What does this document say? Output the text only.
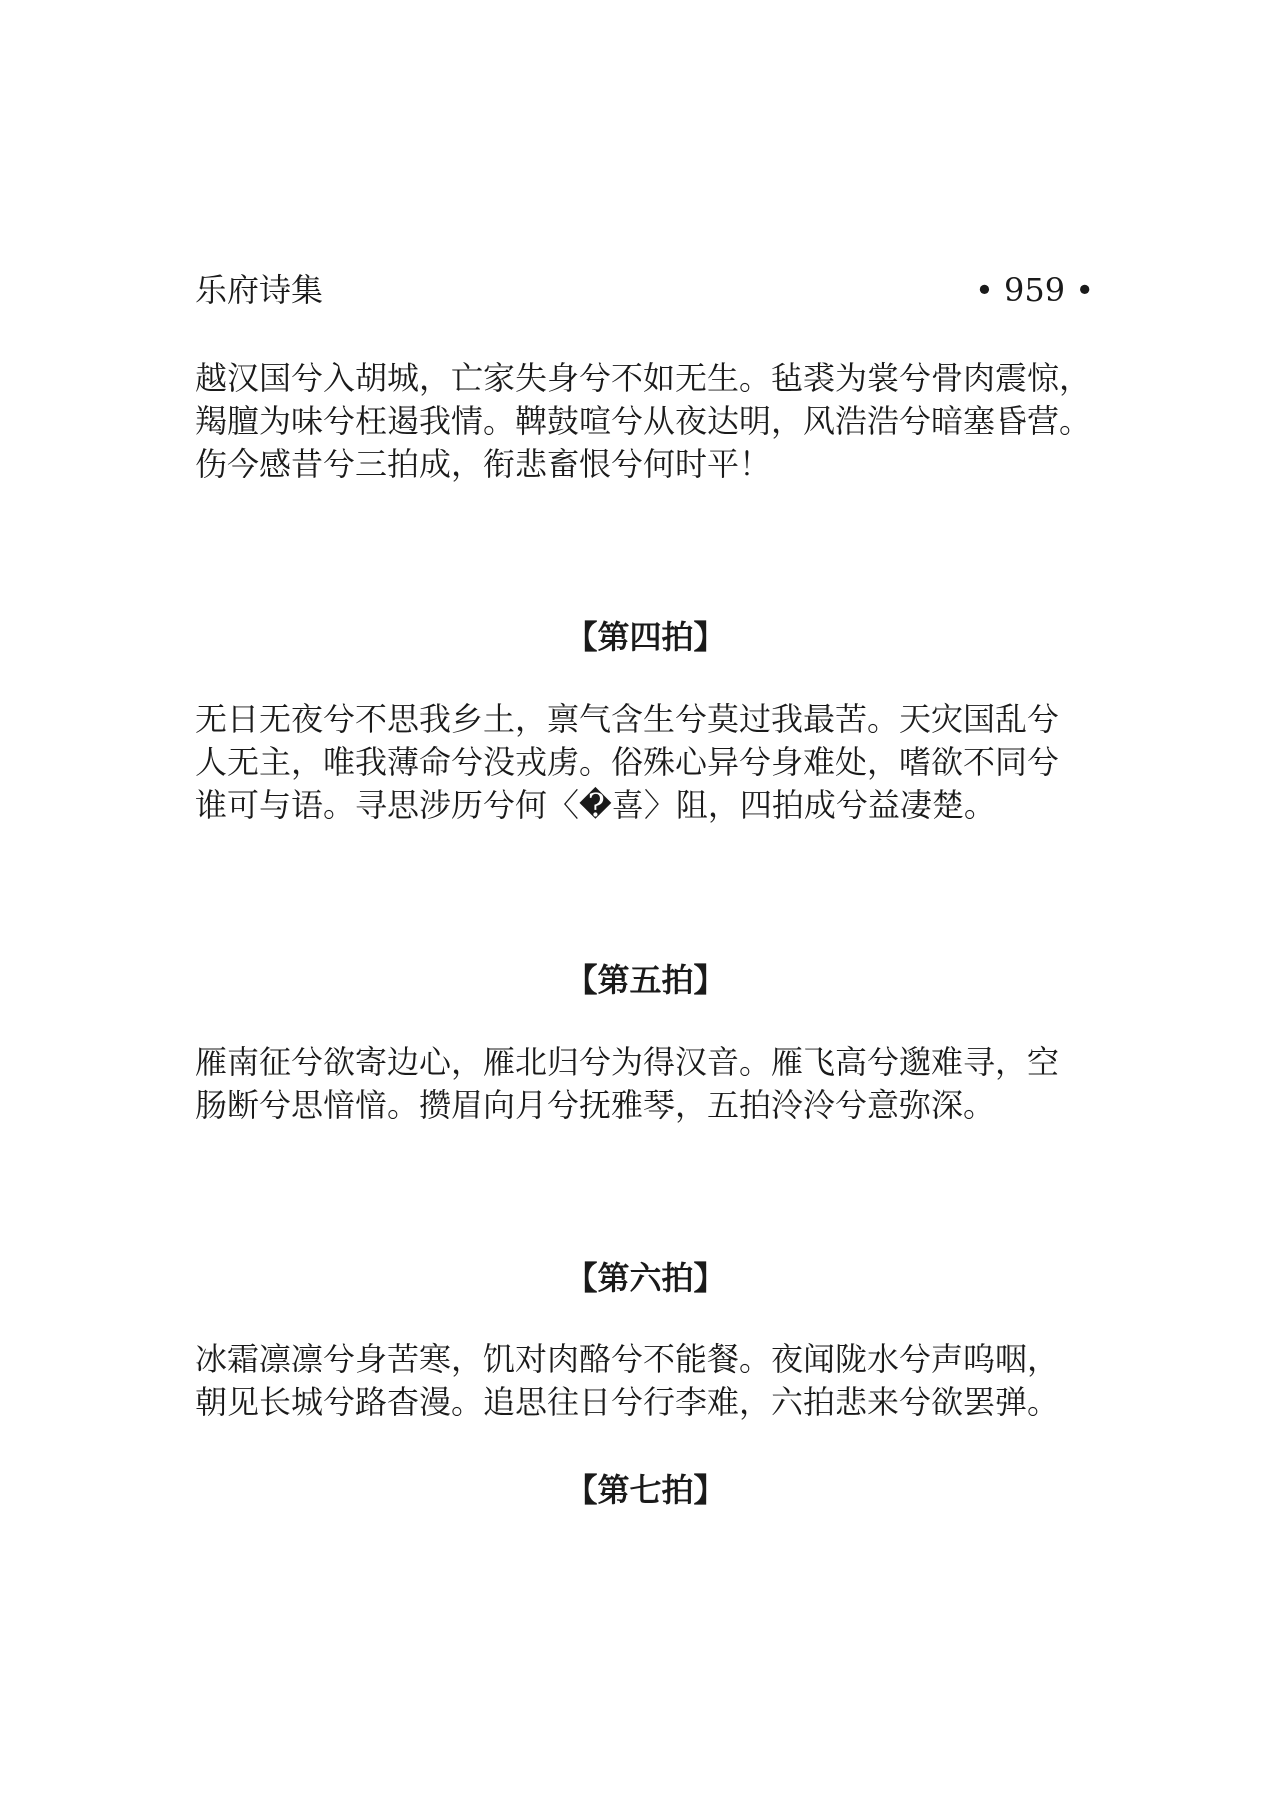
乐府诗集	• 959 •

越汉国兮入胡城，亡家失身兮不如无生。毡裘为裳兮骨肉震惊，
羯膻为味兮枉遏我情。鞞鼓喧兮从夜达明，风浩浩兮暗塞昏营。
伤今感昔兮三拍成，衔悲畜恨兮何时平！

【第四拍】

无日无夜兮不思我乡土，禀气含生兮莫过我最苦。天灾国乱兮
人无主，唯我薄命兮没戎虏。俗殊心异兮身难处，嗜欲不同兮
谁可与语。寻思涉历兮何〈�喜〉阻，四拍成兮益凄楚。

【第五拍】

雁南征兮欲寄边心，雁北归兮为得汉音。雁飞高兮邈难寻，空
肠断兮思愔愔。攒眉向月兮抚雅琴，五拍泠泠兮意弥深。

【第六拍】

冰霜凛凛兮身苦寒，饥对肉酪兮不能餐。夜闻陇水兮声呜咽，
朝见长城兮路杳漫。追思往日兮行李难，六拍悲来兮欲罢弹。

【第七拍】
